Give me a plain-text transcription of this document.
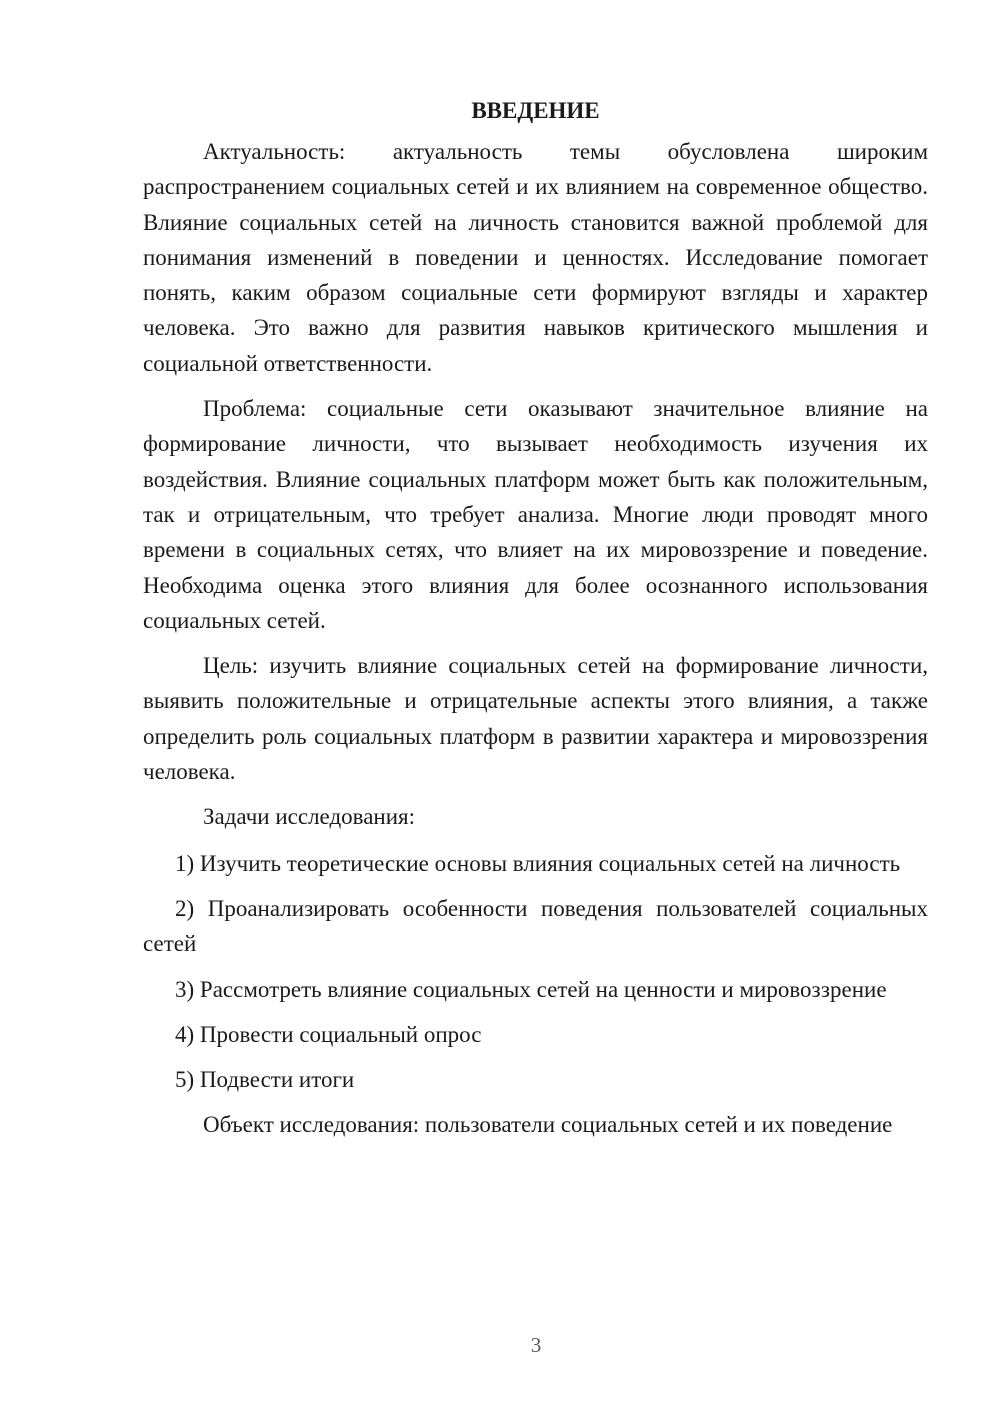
ВВЕДЕНИЕ

Актуальность: актуальность темы обусловлена широким распространением социальных сетей и их влиянием на современное общество. Влияние социальных сетей на личность становится важной проблемой для понимания изменений в поведении и ценностях. Исследование помогает понять, каким образом социальные сети формируют взгляды и характер человека. Это важно для развития навыков критического мышления и социальной ответственности.

Проблема: социальные сети оказывают значительное влияние на формирование личности, что вызывает необходимость изучения их воздействия. Влияние социальных платформ может быть как положительным, так и отрицательным, что требует анализа. Многие люди проводят много времени в социальных сетях, что влияет на их мировоззрение и поведение. Необходима оценка этого влияния для более осознанного использования социальных сетей.

Цель: изучить влияние социальных сетей на формирование личности, выявить положительные и отрицательные аспекты этого влияния, а также определить роль социальных платформ в развитии характера и мировоззрения человека.

Задачи исследования:

1) Изучить теоретические основы влияния социальных сетей на личность

2) Проанализировать особенности поведения пользователей социальных сетей

3) Рассмотреть влияние социальных сетей на ценности и мировоззрение

4) Провести социальный опрос

5) Подвести итоги

Объект исследования: пользователи социальных сетей и их поведение

3
